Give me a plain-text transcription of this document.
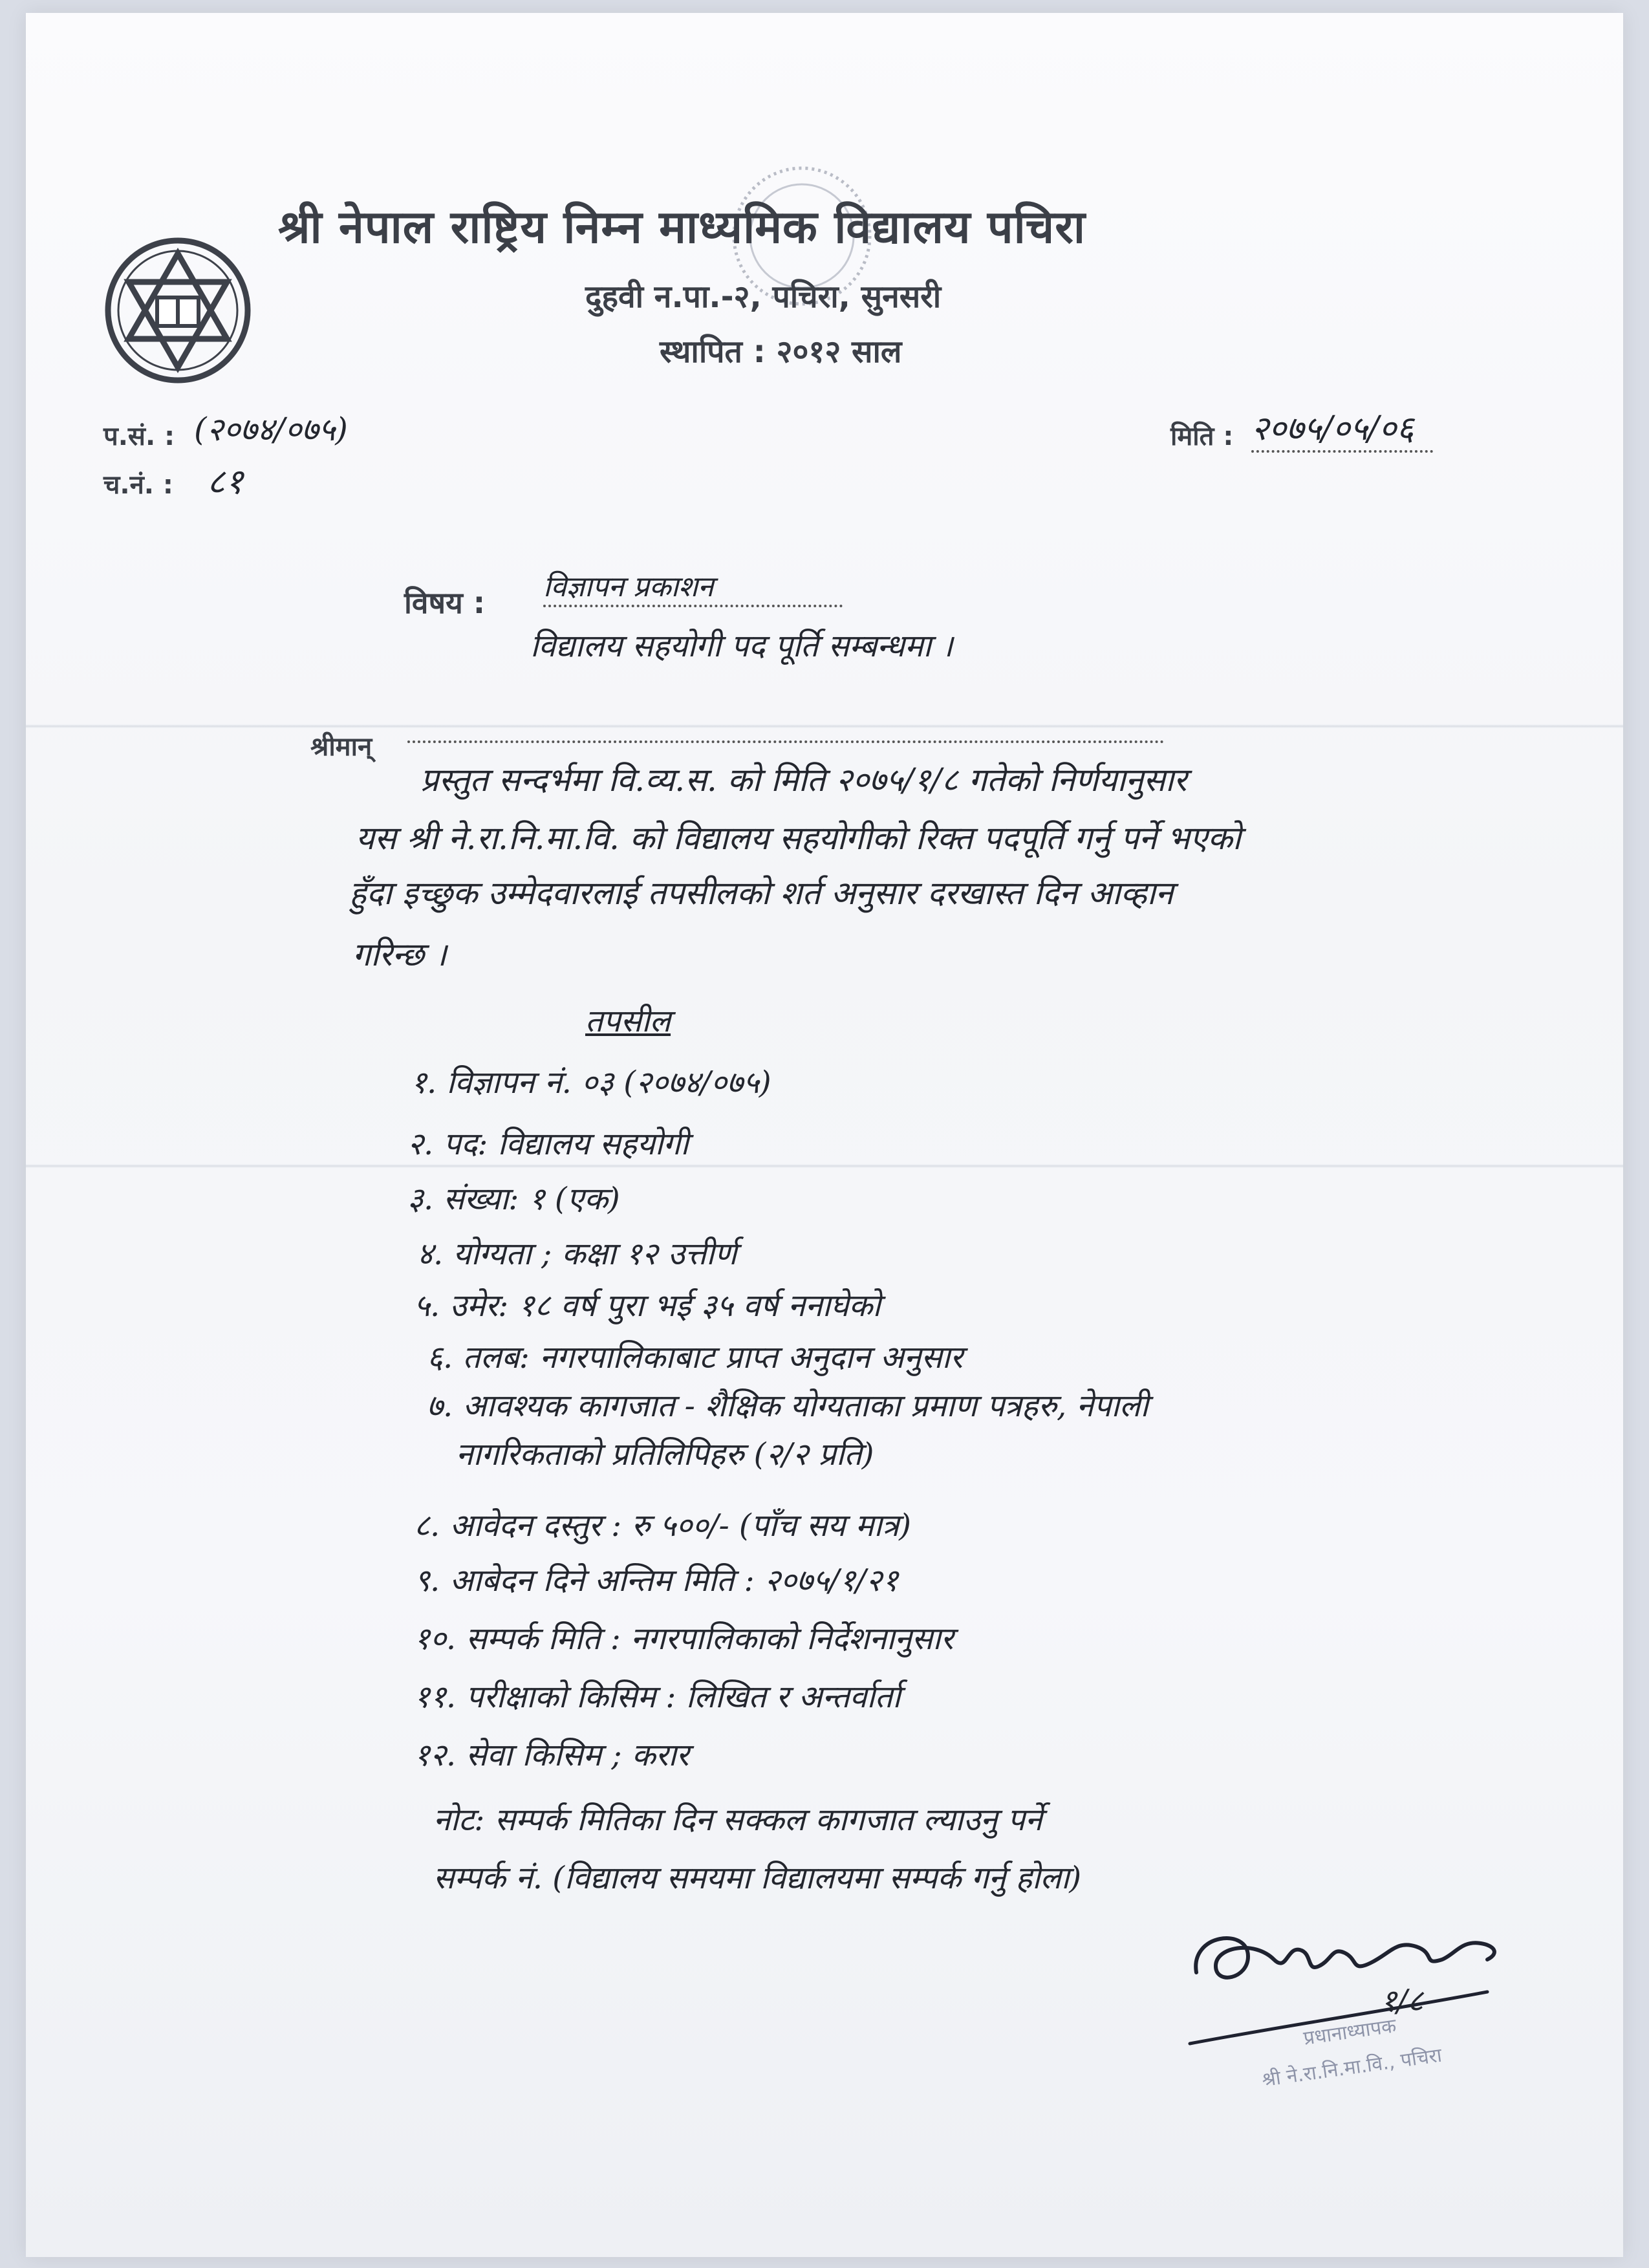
श्री नेपाल राष्ट्रिय निम्न माध्यमिक विद्यालय पचिरा
दुहवी न.पा.-२, पचिरा, सुनसरी
स्थापित : २०१२ साल
प.सं. : (२०७४/०७५)
च.नं. : ८१
मिति : २०७५/०५/०६
विषय : विज्ञापन प्रकाशन
विद्यालय सहयोगी पद पूर्ति सम्बन्धमा ।
श्रीमान्
प्रस्तुत सन्दर्भमा वि.व्य.स. को मिति २०७५/१/८ गतेको निर्णयानुसार
यस श्री ने.रा.नि.मा.वि. को विद्यालय सहयोगीको रिक्त पदपूर्ति गर्नु पर्ने भएको
हुँदा इच्छुक उम्मेदवारलाई तपसीलको शर्त अनुसार दरखास्त दिन आव्हान
गरिन्छ ।
तपसील
१. विज्ञापन नं. ०३ (२०७४/०७५)
२. पद: विद्यालय सहयोगी
३. संख्या: १ (एक)
४. योग्यता ; कक्षा १२ उत्तीर्ण
५. उमेर: १८ वर्ष पुरा भई ३५ वर्ष ननाघेको
६. तलब: नगरपालिकाबाट प्राप्त अनुदान अनुसार
७. आवश्यक कागजात - शैक्षिक योग्यताका प्रमाण पत्रहरु, नेपाली
नागरिकताको प्रतिलिपिहरु (२/२ प्रति)
८. आवेदन दस्तुर : रु ५००/- (पाँच सय मात्र)
९. आबेदन दिने अन्तिम मिति : २०७५/१/२१
१०. सम्पर्क मिति : नगरपालिकाको निर्देशनानुसार
११. परीक्षाको किसिम : लिखित र अन्तर्वार्ता
१२. सेवा किसिम ; करार
नोट: सम्पर्क मितिका दिन सक्कल कागजात ल्याउनु पर्ने
सम्पर्क नं. (विद्यालय समयमा विद्यालयमा सम्पर्क गर्नु होला)
१/८
प्रधानाध्यापक
श्री ने.रा.नि.मा.वि., पचिरा
